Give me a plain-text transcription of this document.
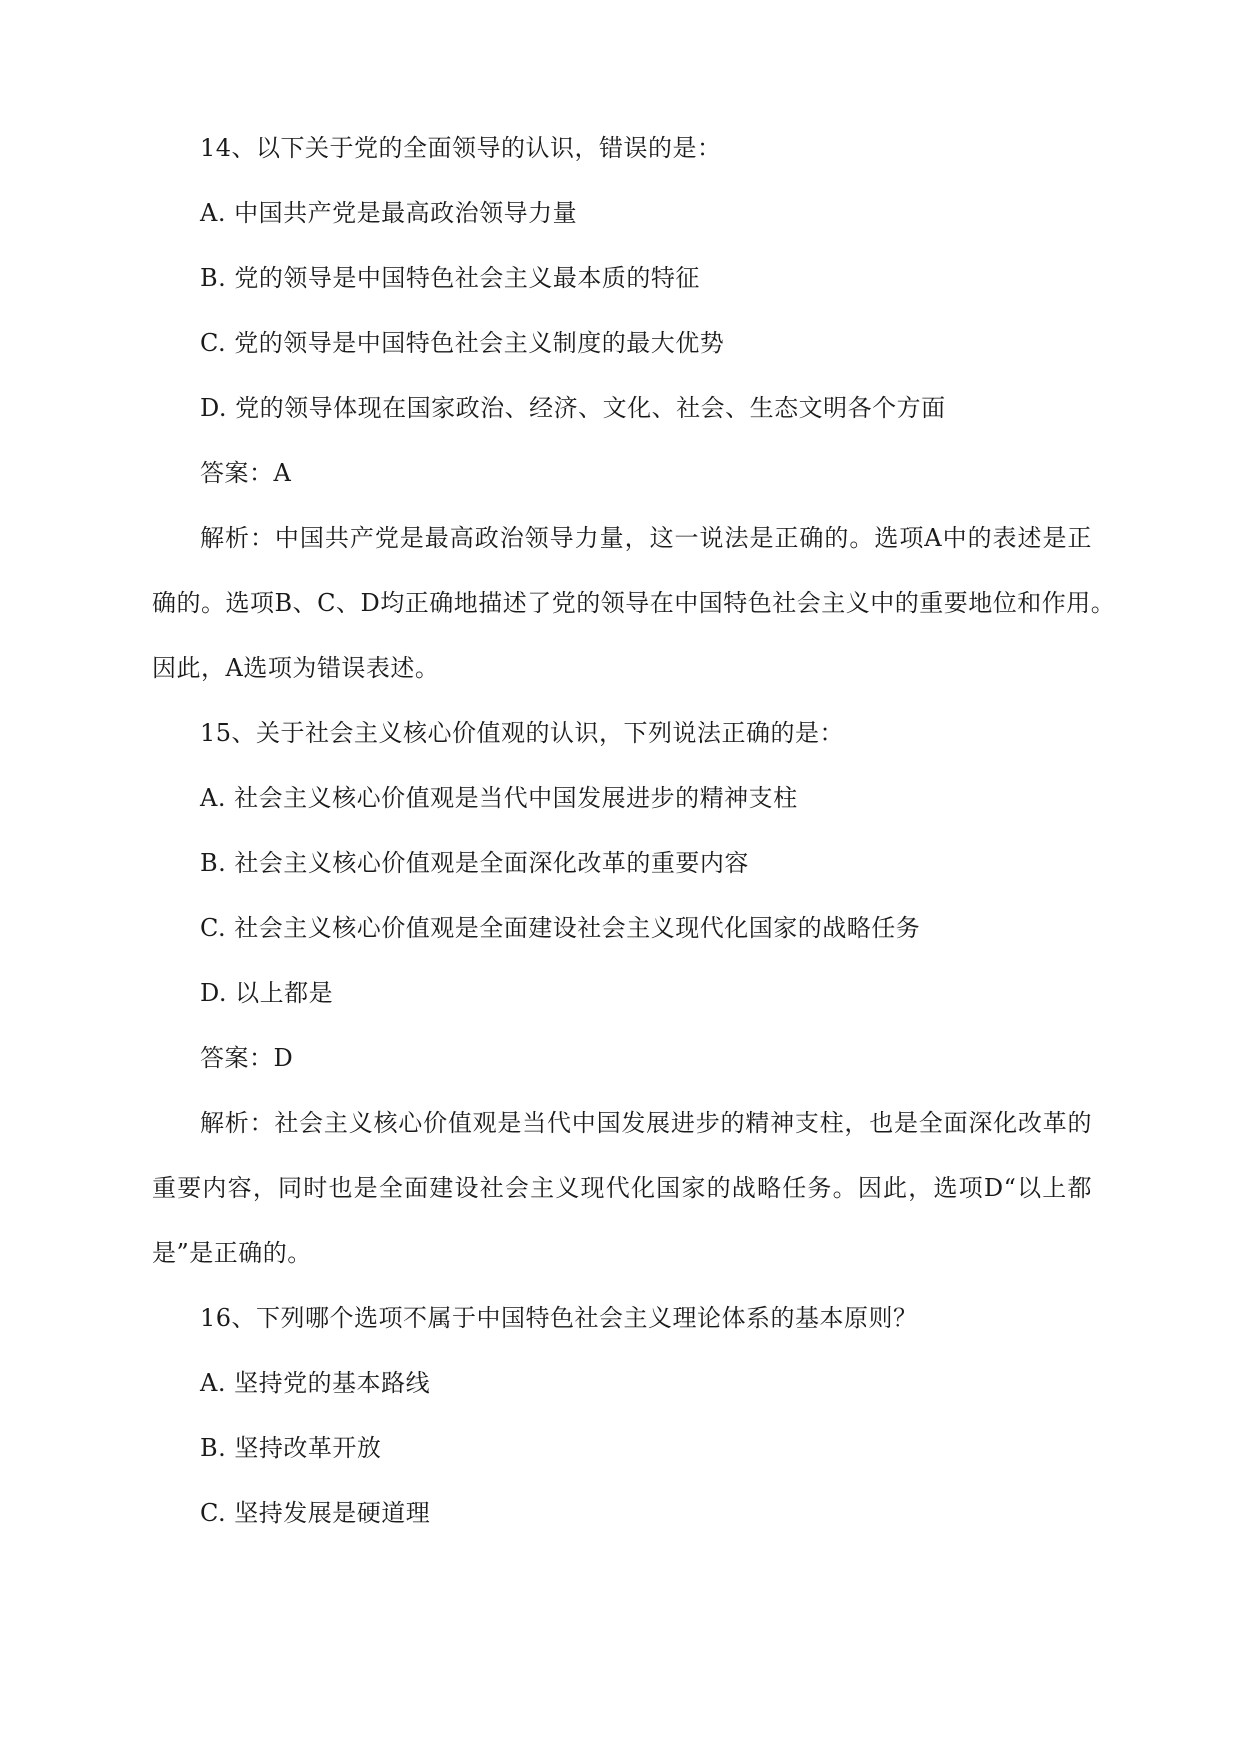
14、以下关于党的全面领导的认识，错误的是：
A. 中国共产党是最高政治领导力量
B. 党的领导是中国特色社会主义最本质的特征
C. 党的领导是中国特色社会主义制度的最大优势
D. 党的领导体现在国家政治、经济、文化、社会、生态文明各个方面
答案：A
解析：中国共产党是最高政治领导力量，这一说法是正确的。选项A中的表述是正
确的。选项B、C、D均正确地描述了党的领导在中国特色社会主义中的重要地位和作用。
因此，A选项为错误表述。
15、关于社会主义核心价值观的认识，下列说法正确的是：
A. 社会主义核心价值观是当代中国发展进步的精神支柱
B. 社会主义核心价值观是全面深化改革的重要内容
C. 社会主义核心价值观是全面建设社会主义现代化国家的战略任务
D. 以上都是
答案：D
解析：社会主义核心价值观是当代中国发展进步的精神支柱，也是全面深化改革的
重要内容，同时也是全面建设社会主义现代化国家的战略任务。因此，选项D“以上都
是”是正确的。
16、下列哪个选项不属于中国特色社会主义理论体系的基本原则？
A. 坚持党的基本路线
B. 坚持改革开放
C. 坚持发展是硬道理
